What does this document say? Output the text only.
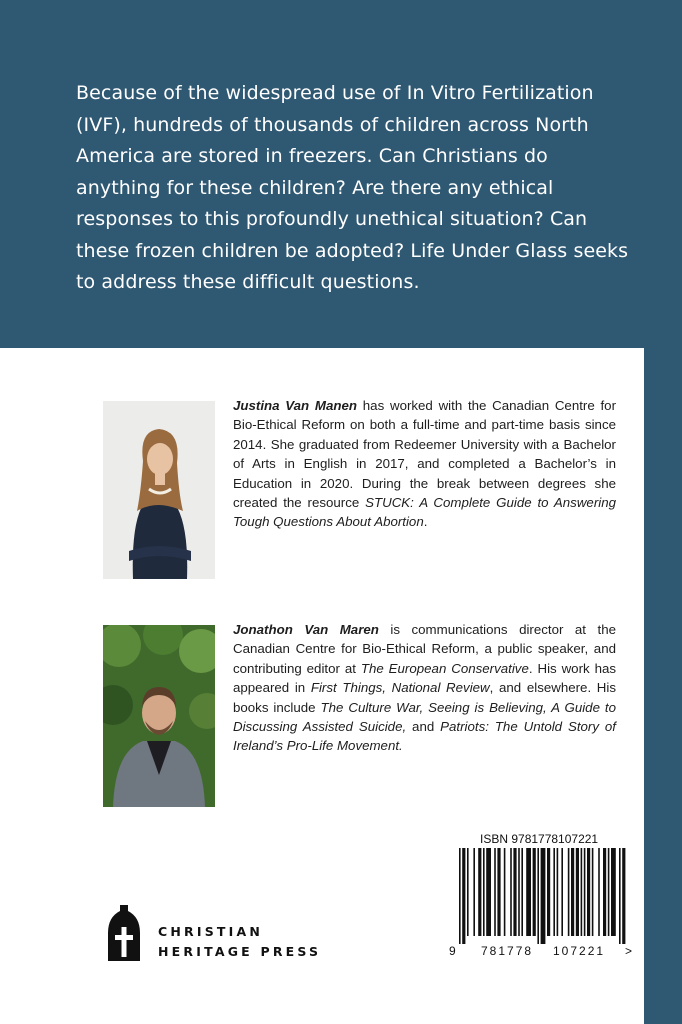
Because of the widespread use of In Vitro Fertilization (IVF), hundreds of thousands of children across North America are stored in freezers. Can Christians do anything for these children? Are there any ethical responses to this profoundly unethical situation? Can these frozen children be adopted? Life Under Glass seeks to address these difficult questions.

Justina Van Manen has worked with the Canadian Centre for Bio-Ethical Reform on both a full-time and part-time basis since 2014. She graduated from Redeemer University with a Bachelor of Arts in English in 2017, and completed a Bachelor’s in Education in 2020. During the break between degrees she created the resource STUCK: A Complete Guide to Answering Tough Questions About Abortion.

Jonathon Van Maren is communications director at the Canadian Centre for Bio-Ethical Reform, a public speaker, and contributing editor at The European Conservative. His work has appeared in First Things, National Review, and elsewhere. His books include The Culture War, Seeing is Believing, A Guide to Discussing Assisted Suicide, and Patriots: The Untold Story of Ireland’s Pro-Life Movement.

CHRISTIAN
HERITAGE PRESS
ISBN 9781778107221
9 781778 107221 >
